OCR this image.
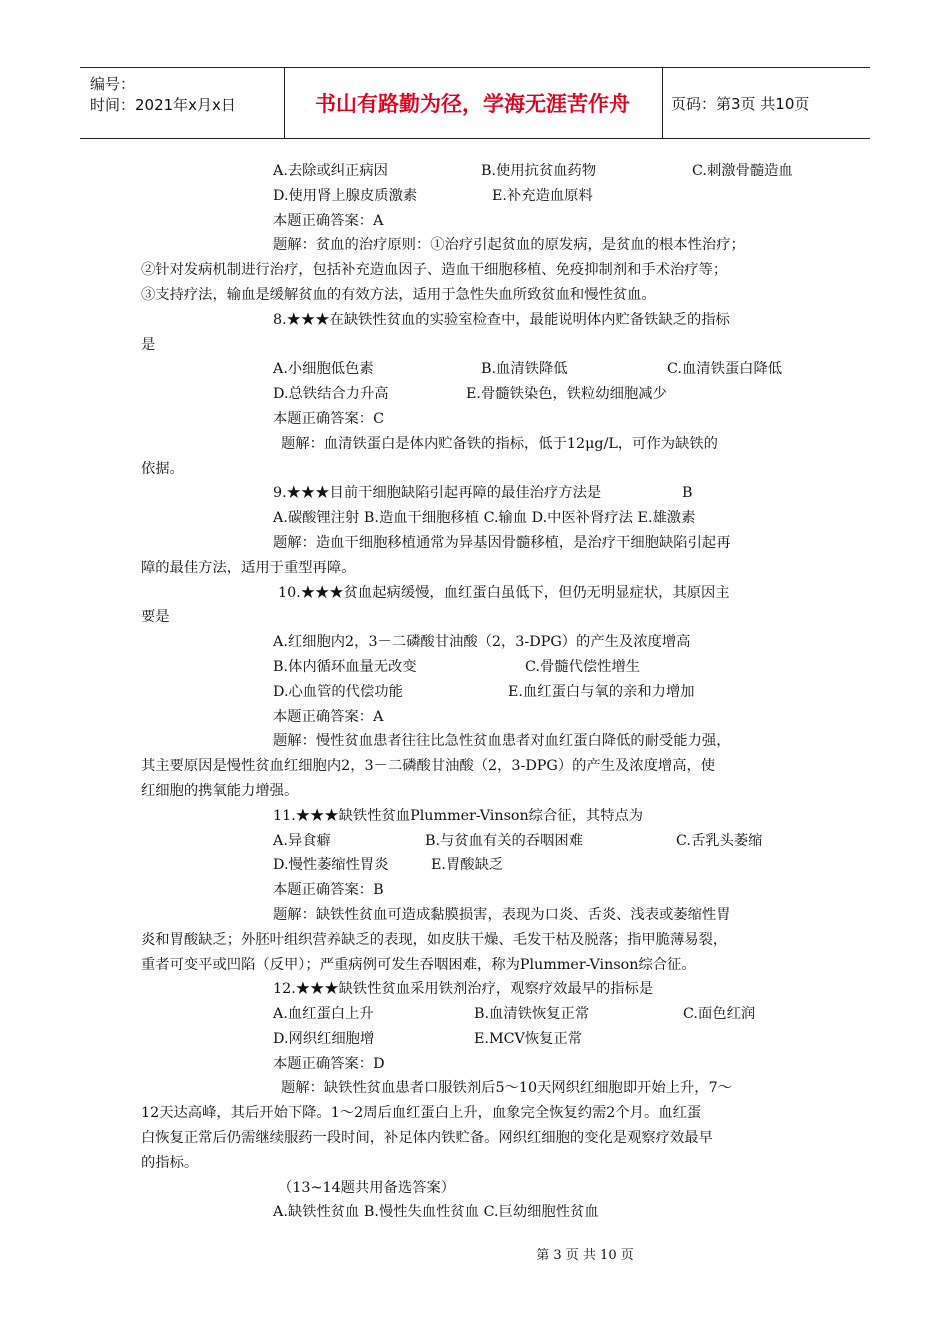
编号：
时间：2021年x月x日	书山有路勤为径，学海无涯苦作舟	页码：第3页 共10页
A.去除或纠正病因	B.使用抗贫血药物	C.刺激骨髓造血
D.使用肾上腺皮质激素	E.补充造血原料
本题正确答案：A
题解：贫血的治疗原则：①治疗引起贫血的原发病，是贫血的根本性治疗；
②针对发病机制进行治疗，包括补充造血因子、造血干细胞移植、免疫抑制剂和手术治疗等；
③支持疗法，输血是缓解贫血的有效方法，适用于急性失血所致贫血和慢性贫血。
8.★★★在缺铁性贫血的实验室检查中，最能说明体内贮备铁缺乏的指标
是
A.小细胞低色素	B.血清铁降低	C.血清铁蛋白降低
D.总铁结合力升高	E.骨髓铁染色，铁粒幼细胞减少
本题正确答案：C
题解：血清铁蛋白是体内贮备铁的指标，低于12μg/L，可作为缺铁的
依据。
9.★★★目前干细胞缺陷引起再障的最佳治疗方法是	B
A.碳酸锂注射 B.造血干细胞移植 C.输血 D.中医补肾疗法 E.雄激素
题解：造血干细胞移植通常为异基因骨髓移植，是治疗干细胞缺陷引起再
障的最佳方法，适用于重型再障。
10.★★★贫血起病缓慢，血红蛋白虽低下，但仍无明显症状，其原因主
要是
A.红细胞内2，3－二磷酸甘油酸（2，3-DPG）的产生及浓度增高
B.体内循环血量无改变	C.骨髓代偿性增生
D.心血管的代偿功能	E.血红蛋白与氧的亲和力增加
本题正确答案：A
题解：慢性贫血患者往往比急性贫血患者对血红蛋白降低的耐受能力强，
其主要原因是慢性贫血红细胞内2，3－二磷酸甘油酸（2，3-DPG）的产生及浓度增高，使
红细胞的携氧能力增强。
11.★★★缺铁性贫血Plummer-Vinson综合征，其特点为
A.异食癖	B.与贫血有关的吞咽困难	C.舌乳头萎缩
D.慢性萎缩性胃炎	E.胃酸缺乏
本题正确答案：B
题解：缺铁性贫血可造成黏膜损害，表现为口炎、舌炎、浅表或萎缩性胃
炎和胃酸缺乏；外胚叶组织营养缺乏的表现，如皮肤干燥、毛发干枯及脱落；指甲脆薄易裂，
重者可变平或凹陷（反甲）；严重病例可发生吞咽困难，称为Plummer-Vinson综合征。
12.★★★缺铁性贫血采用铁剂治疗，观察疗效最早的指标是
A.血红蛋白上升	B.血清铁恢复正常	C.面色红润
D.网织红细胞增	E.MCV恢复正常
本题正确答案：D
题解：缺铁性贫血患者口服铁剂后5～10天网织红细胞即开始上升，7～
12天达高峰，其后开始下降。1～2周后血红蛋白上升，血象完全恢复约需2个月。血红蛋
白恢复正常后仍需继续服药一段时间，补足体内铁贮备。网织红细胞的变化是观察疗效最早
的指标。
（13~14题共用备选答案）
A.缺铁性贫血 B.慢性失血性贫血 C.巨幼细胞性贫血
第 3 页 共 10 页
